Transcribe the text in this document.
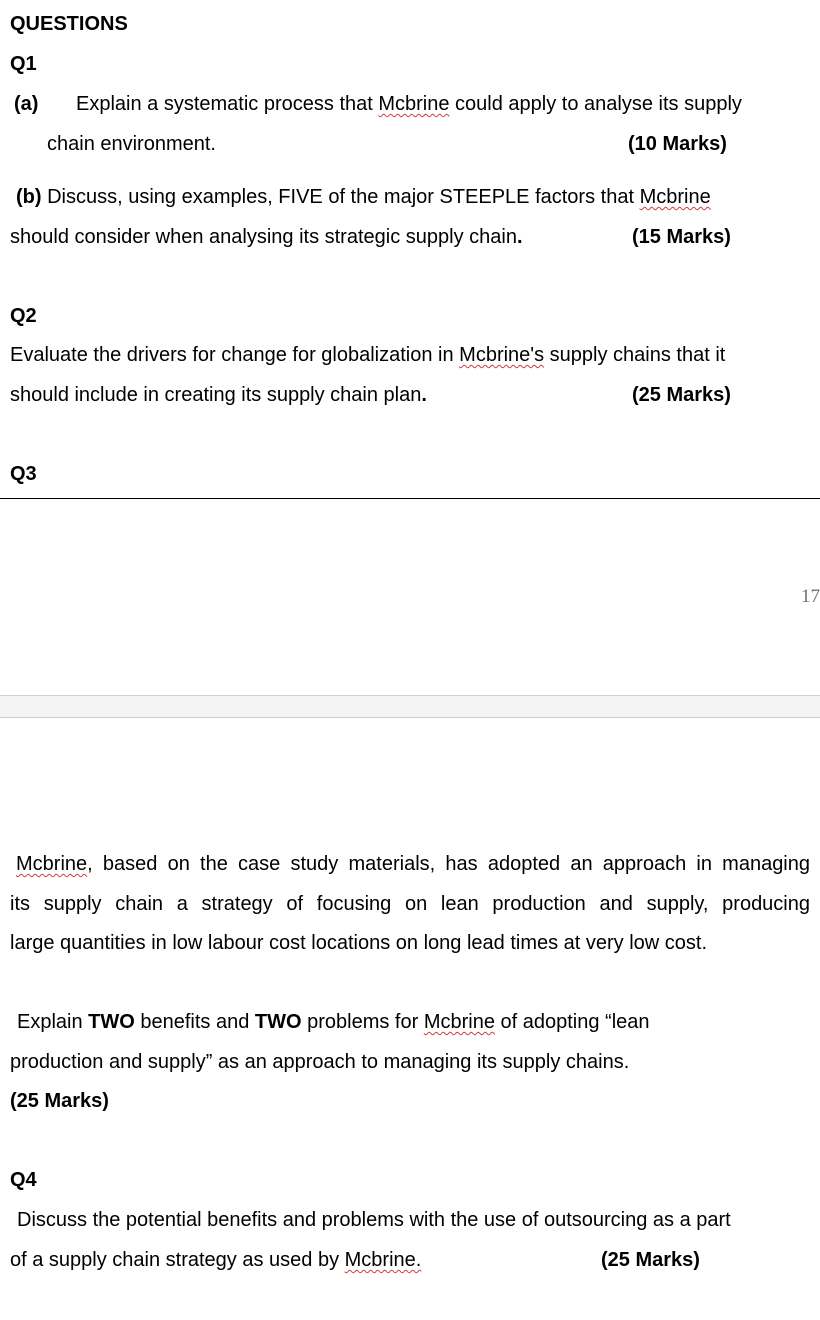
QUESTIONS
Q1
(a) Explain a systematic process that Mcbrine could apply to analyse its supply
chain environment.	(10 Marks)
(b) Discuss, using examples, FIVE of the major STEEPLE factors that Mcbrine
should consider when analysing its strategic supply chain.	(15 Marks)
Q2
Evaluate the drivers for change for globalization in Mcbrine's supply chains that it
should include in creating its supply chain plan.	(25 Marks)
Q3
17
Mcbrine, based on the case study materials, has adopted an approach in managing
its supply chain a strategy of focusing on lean production and supply, producing
large quantities in low labour cost locations on long lead times at very low cost.
Explain TWO benefits and TWO problems for Mcbrine of adopting “lean
production and supply” as an approach to managing its supply chains.
(25 Marks)
Q4
Discuss the potential benefits and problems with the use of outsourcing as a part
of a supply chain strategy as used by Mcbrine.	(25 Marks)
